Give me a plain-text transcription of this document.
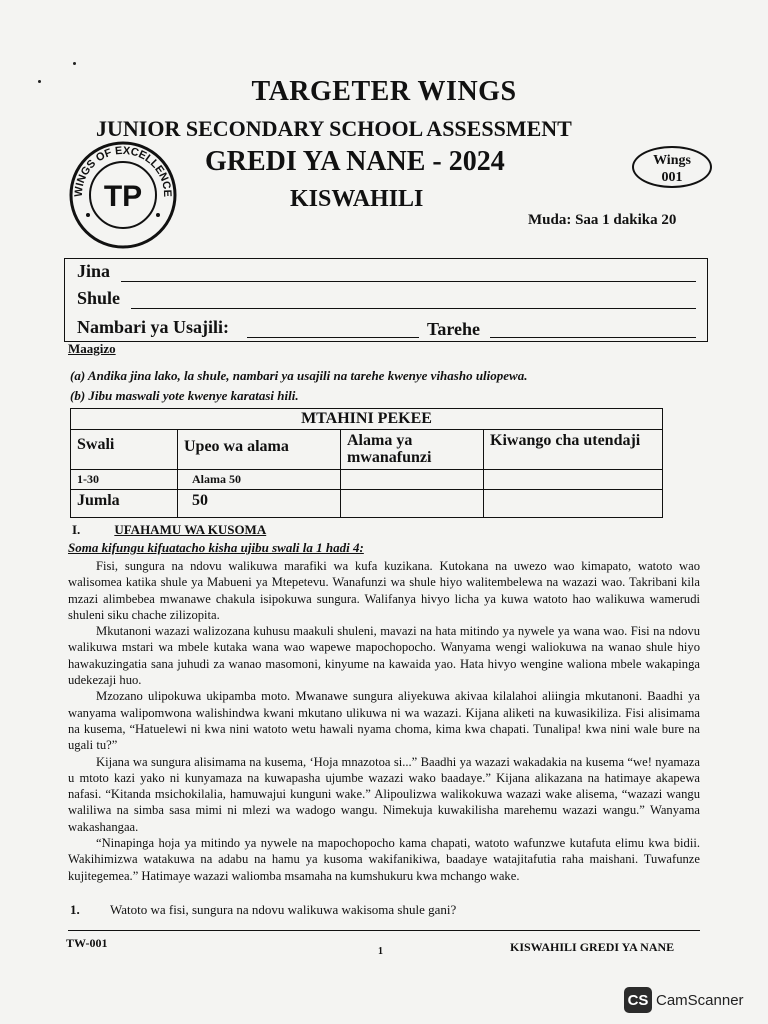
TARGETER WINGS
JUNIOR SECONDARY SCHOOL ASSESSMENT
GREDI YA NANE - 2024
KISWAHILI
Wings
001
Muda: Saa 1 dakika 20
WINGS OF EXCELLENCE
TP
Jina
Shule
Nambari ya Usajili:	Tarehe
Maagizo
(a) Andika jina lako, la shule, nambari ya usajili na tarehe kwenye vihasho uliopewa.
(b) Jibu maswali yote kwenye karatasi hili.
MTAHINI PEKEE			
Swali	Upeo wa alama	Alama ya mwanafunzi	Kiwango cha utendaji
1-30	Alama 50		
Jumla	50		
I.	UFAHAMU WA KUSOMA
Soma kifungu kifuatacho kisha ujibu swali la 1 hadi 4:

Fisi, sungura na ndovu walikuwa marafiki wa kufa kuzikana. Kutokana na uwezo wao kimapato, watoto wao walisomea katika shule ya Mabueni ya Mtepetevu. Wanafunzi wa shule hiyo walitembelewa na wazazi wao. Takribani kila mzazi alimbebea mwanawe chakula isipokuwa sungura. Walifanya hivyo licha ya kuwa watoto hao walikuwa wamerudi shuleni siku chache zilizopita.

Mkutanoni wazazi walizozana kuhusu maakuli shuleni, mavazi na hata mitindo ya nywele ya wana wao. Fisi na ndovu walikuwa mstari wa mbele kutaka wana wao wapewe mapochopocho. Wanyama wengi waliokuwa na wanao shule hiyo hawakuzingatia sana juhudi za wanao masomoni, kinyume na kawaida yao. Hata hivyo wengine waliona mbele wakapinga udekezaji huo.

Mzozano ulipokuwa ukipamba moto. Mwanawe sungura aliyekuwa akivaa kilalahoi aliingia mkutanoni. Baadhi ya wanyama walipomwona walishindwa kwani mkutano ulikuwa ni wa wazazi. Kijana aliketi na kuwasikiliza. Fisi alisimama na kusema, “Hatuelewi ni kwa nini watoto wetu hawali nyama choma, kima kwa chapati. Tunalipa! kwa nini wale bure na ugali tu?”

Kijana wa sungura alisimama na kusema, ‘Hoja mnazotoa si...” Baadhi ya wazazi wakadakia na kusema “we! nyamaza u mtoto kazi yako ni kunyamaza na kuwapasha ujumbe wazazi wako baadaye.” Kijana alikazana na hatimaye akapewa nafasi. “Kitanda msichokilalia, hamuwajui kunguni wake.” Alipoulizwa walikokuwa wazazi wake alisema, “wazazi wangu waliliwa na simba sasa mimi ni mlezi wa wadogo wangu. Nimekuja kuwakilisha marehemu wazazi wangu.” Wanyama wakashangaa.

“Ninapinga hoja ya mitindo ya nywele na mapochopocho kama chapati, watoto wafunzwe kutafuta elimu kwa bidii. Wakihimizwa watakuwa na adabu na hamu ya kusoma wakifanikiwa, baadaye watajitafutia raha maishani. Tuwafunze kujitegemea.” Hatimaye wazazi waliomba msamaha na kumshukuru kwa mchango wake.

1. Watoto wa fisi, sungura na ndovu walikuwa wakisoma shule gani?
TW-001
1	KISWAHILI GREDI YA NANE
CS CamScanner
